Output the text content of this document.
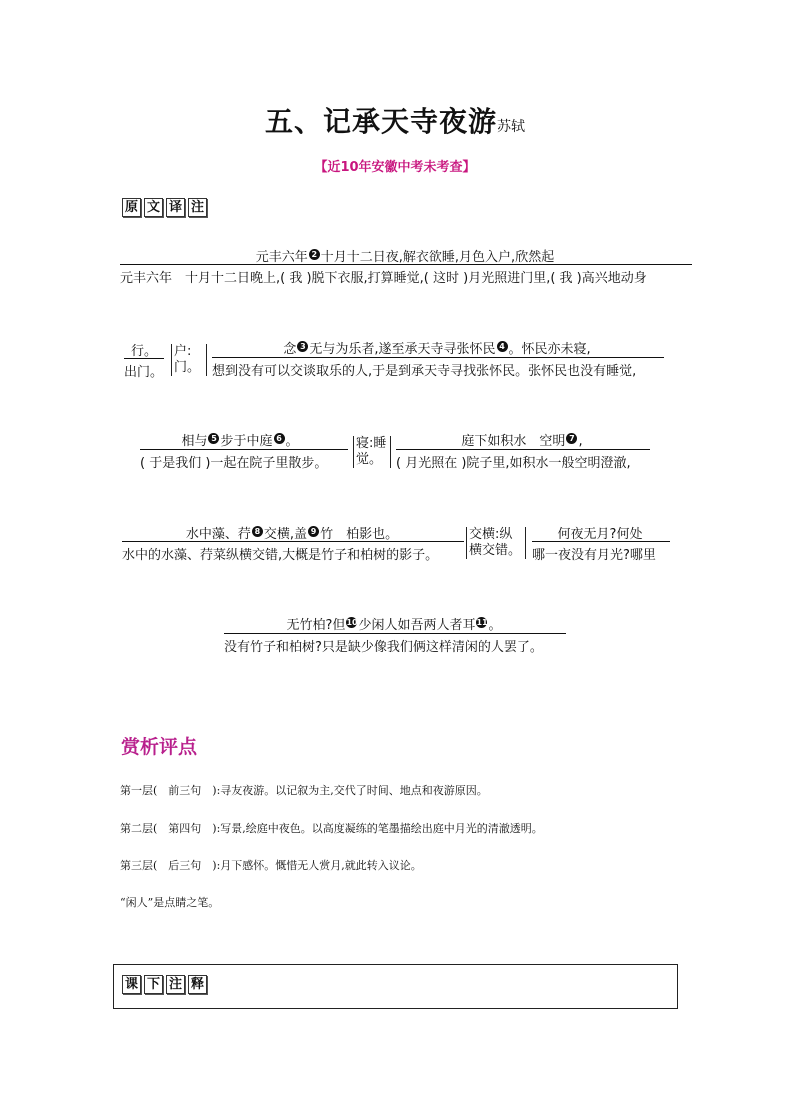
五、记承天寺夜游苏轼
【近10年安徽中考未考查】
原 文 译 注
元丰六年 2 十月十二日夜,解衣欲睡,月色入户,欣然起
元丰六年　十月十二日晚上,( 我 )脱下衣服,打算睡觉,( 这时 )月光照进门里,( 我 )高兴地动身
行。
出门。
户:门。
念 3 无与为乐者,遂至承天寺寻张怀民 4 。怀民亦未寝,
想到没有可以交谈取乐的人,于是到承天寺寻找张怀民。张怀民也没有睡觉,
相与 5 步于中庭 6 。
( 于是我们 )一起在院子里散步。
寝:睡觉。
庭下如积水　空明 7 ,
( 月光照在 )院子里,如积水一般空明澄澈,
水中藻、荇 8 交横,盖 9 竹　柏影也。
水中的水藻、荇菜纵横交错,大概是竹子和柏树的影子。
交横:纵横交错。
何夜无月?何处
哪一夜没有月光?哪里
无竹柏?但10少闲人如吾两人者耳11。
没有竹子和柏树?只是缺少像我们俩这样清闲的人罢了。
赏析评点
第一层(　前三句　):寻友夜游。以记叙为主,交代了时间、地点和夜游原因。
第二层(　第四句　):写景,绘庭中夜色。以高度凝练的笔墨描绘出庭中月光的清澈透明。
第三层(　后三句　):月下感怀。慨惜无人赏月,就此转入议论。
“闲人”是点睛之笔。
课 下 注 释
